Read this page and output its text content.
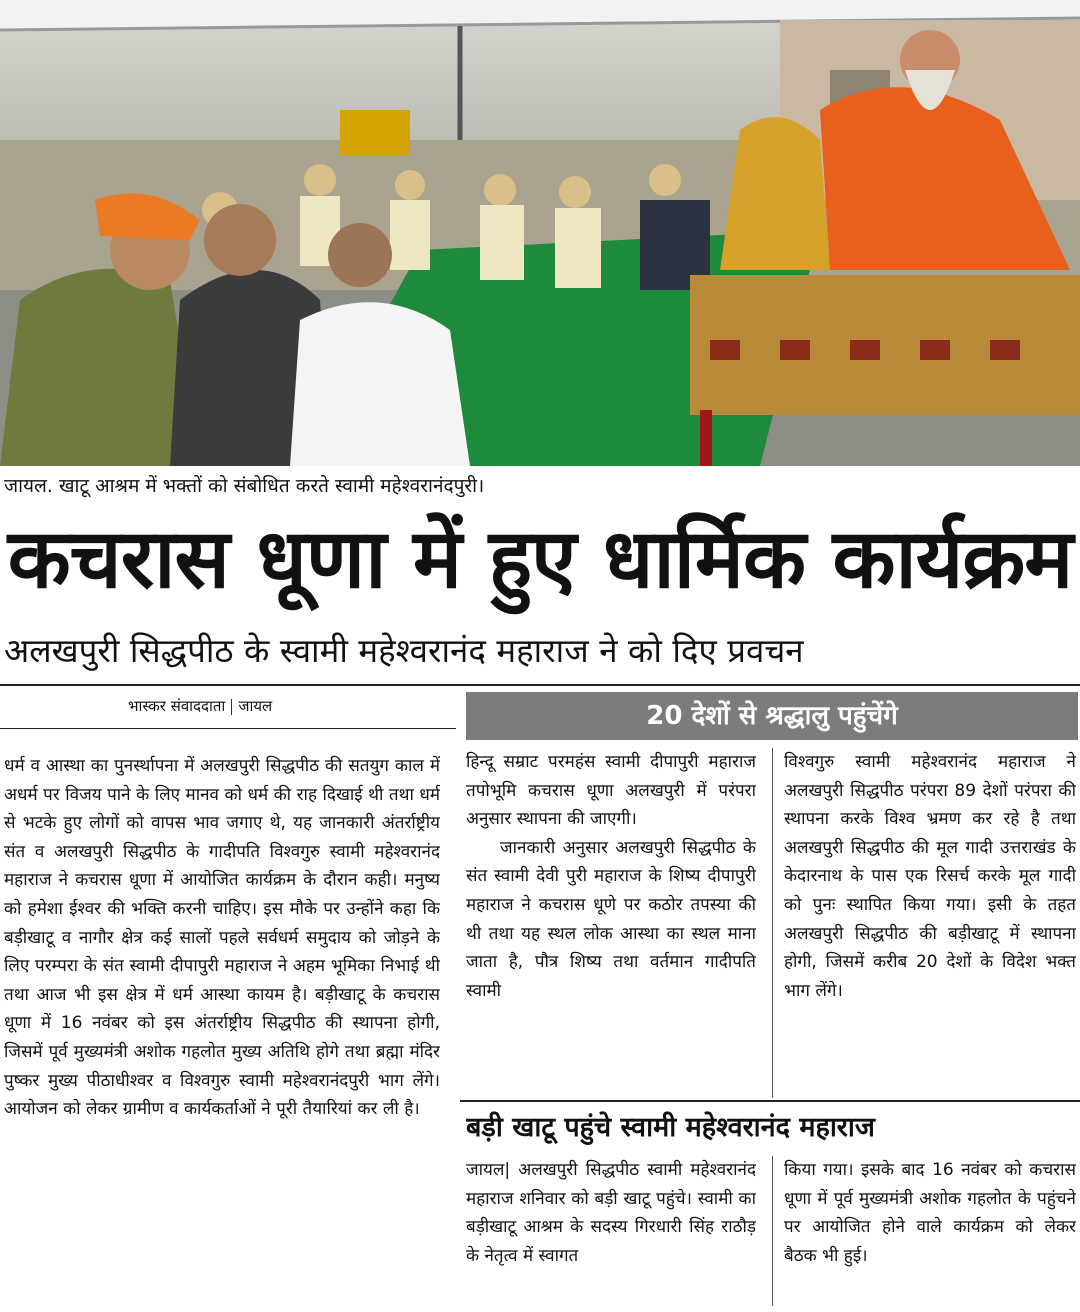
जायल. खाटू आश्रम में भक्तों को संबोधित करते स्वामी महेश्वरानंदपुरी।
कचरास धूणा में हुए धार्मिक कार्यक्रम
अलखपुरी सिद्धपीठ के स्वामी महेश्वरानंद महाराज ने को दिए प्रवचन
भास्कर संवाददाता जायल

धर्म व आस्था का पुनर्स्थापना में अलखपुरी सिद्धपीठ की सतयुग काल में अधर्म पर विजय पाने के लिए मानव को धर्म की राह दिखाई थी तथा धर्म से भटके हुए लोगों को वापस भाव जगाए थे, यह जानकारी अंतर्राष्ट्रीय संत व अलखपुरी सिद्धपीठ के गादीपति विश्वगुरु स्वामी महेश्वरानंद महाराज ने कचरास धूणा में आयोजित कार्यक्रम के दौरान कही। मनुष्य को हमेशा ईश्वर की भक्ति करनी चाहिए। इस मौके पर उन्होंने कहा कि बड़ीखाटू व नागौर क्षेत्र कई सालों पहले सर्वधर्म समुदाय को जोड़ने के लिए परम्परा के संत स्वामी दीपापुरी महाराज ने अहम भूमिका निभाई थी तथा आज भी इस क्षेत्र में धर्म आस्था कायम है। बड़ीखाटू के कचरास धूणा में 16 नवंबर को इस अंतर्राष्ट्रीय सिद्धपीठ की स्थापना होगी, जिसमें पूर्व मुख्यमंत्री अशोक गहलोत मुख्य अतिथि होगे तथा ब्रह्मा मंदिर पुष्कर मुख्य पीठाधीश्वर व विश्वगुरु स्वामी महेश्वरानंदपुरी भाग लेंगे। आयोजन को लेकर ग्रामीण व कार्यकर्ताओं ने पूरी तैयारियां कर ली है।

20 देशों से श्रद्धालु पहुंचेंगे

हिन्दू सम्राट परमहंस स्वामी दीपापुरी महाराज तपोभूमि कचरास धूणा अलखपुरी में परंपरा अनुसार स्थापना की जाएगी।

जानकारी अनुसार अलखपुरी सिद्धपीठ के संत स्वामी देवी पुरी महाराज के शिष्य दीपापुरी महाराज ने कचरास धूणे पर कठोर तपस्या की थी तथा यह स्थल लोक आस्था का स्थल माना जाता है, पौत्र शिष्य तथा वर्तमान गादीपति स्वामी

विश्वगुरु स्वामी महेश्वरानंद महाराज ने अलखपुरी सिद्धपीठ परंपरा 89 देशों परंपरा की स्थापना करके विश्व भ्रमण कर रहे है तथा अलखपुरी सिद्धपीठ की मूल गादी उत्तराखंड के केदारनाथ के पास एक रिसर्च करके मूल गादी को पुनः स्थापित किया गया। इसी के तहत अलखपुरी सिद्धपीठ की बड़ीखाटू में स्थापना होगी, जिसमें करीब 20 देशों के विदेश भक्त भाग लेंगे।

बड़ी खाटू पहुंचे स्वामी महेश्वरानंद महाराज

जायल| अलखपुरी सिद्धपीठ स्वामी महेश्वरानंद महाराज शनिवार को बड़ी खाटू पहुंचे। स्वामी का बड़ीखाटू आश्रम के सदस्य गिरधारी सिंह राठौड़ के नेतृत्व में स्वागत

किया गया। इसके बाद 16 नवंबर को कचरास धूणा में पूर्व मुख्यमंत्री अशोक गहलोत के पहुंचने पर आयोजित होने वाले कार्यक्रम को लेकर बैठक भी हुई।
